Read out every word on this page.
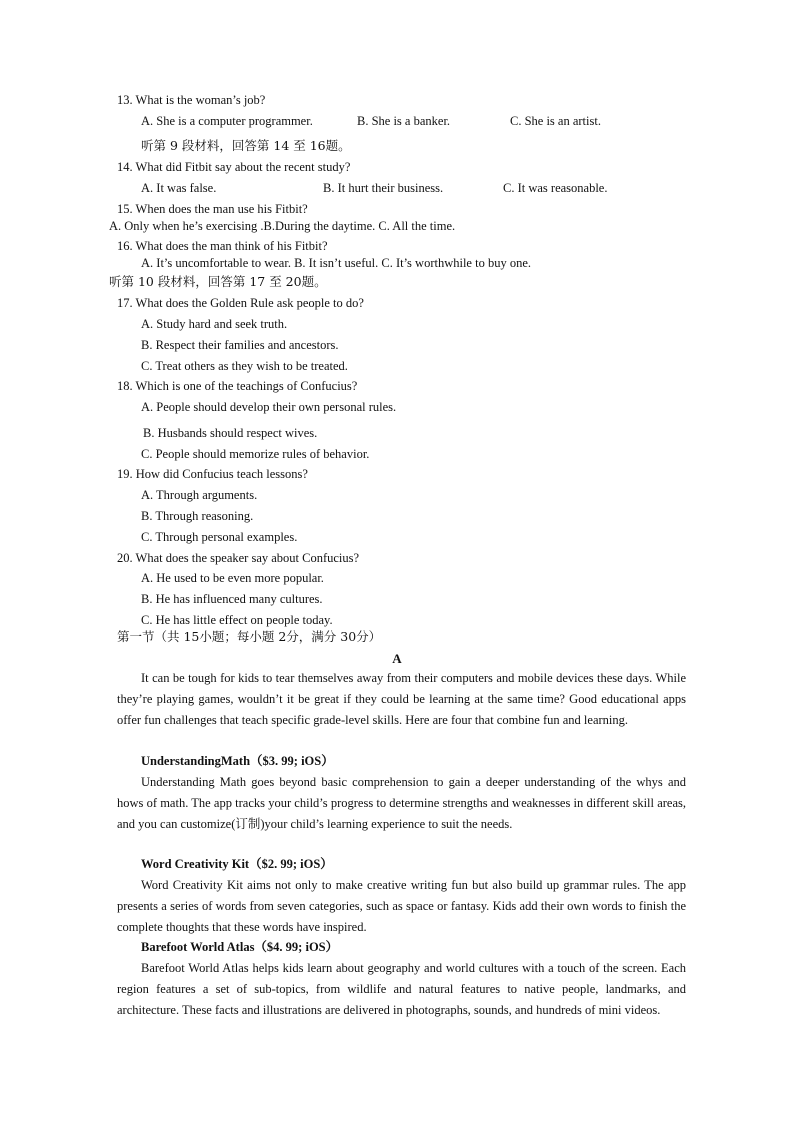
13. What is the woman’s job?
A. She is a computer programmer.	B. She is a banker.	C. She is an artist.
听第 9 段材料，回答第 14 至 16题。
14. What did Fitbit say about the recent study?
A. It was false.	B. It hurt their business.	C. It was reasonable.
15. When does the man use his Fitbit?
A. Only when he’s exercising .B.During the daytime. C. All the time.
16. What does the man think of his Fitbit?
A. It’s uncomfortable to wear. B. It isn’t useful. C. It’s worthwhile to buy one.
听第 10 段材料，回答第 17 至 20题。
17. What does the Golden Rule ask people to do?
A. Study hard and seek truth.
B. Respect their families and ancestors.
C. Treat others as they wish to be treated.
18. Which is one of the teachings of Confucius?
A. People should develop their own personal rules.
B. Husbands should respect wives.
C. People should memorize rules of behavior.
19. How did Confucius teach lessons?
A. Through arguments.
B. Through reasoning.
C. Through personal examples.
20. What does the speaker say about Confucius?
A. He used to be even more popular.
B. He has influenced many cultures.
C. He has little effect on people today.
第一节（共 15小题；每小题 2分，满分 30分）
A
It can be tough for kids to tear themselves away from their computers and mobile devices these days. While they’re playing games, wouldn’t it be great if they could be learning at the same time? Good educational apps offer fun challenges that teach specific grade-level skills. Here are four that combine fun and learning.
UnderstandingMath（$3. 99; iOS）
Understanding Math goes beyond basic comprehension to gain a deeper understanding of the whys and hows of math. The app tracks your child’s progress to determine strengths and weaknesses in different skill areas, and you can customize(订制)your child’s learning experience to suit the needs.
Word Creativity Kit（$2. 99; iOS）
Word Creativity Kit aims not only to make creative writing fun but also build up grammar rules. The app presents a series of words from seven categories, such as space or fantasy. Kids add their own words to finish the complete thoughts that these words have inspired.
Barefoot World Atlas（$4. 99; iOS）
Barefoot World Atlas helps kids learn about geography and world cultures with a touch of the screen. Each region features a set of sub-topics, from wildlife and natural features to native people, landmarks, and architecture. These facts and illustrations are delivered in photographs, sounds, and hundreds of mini videos.
